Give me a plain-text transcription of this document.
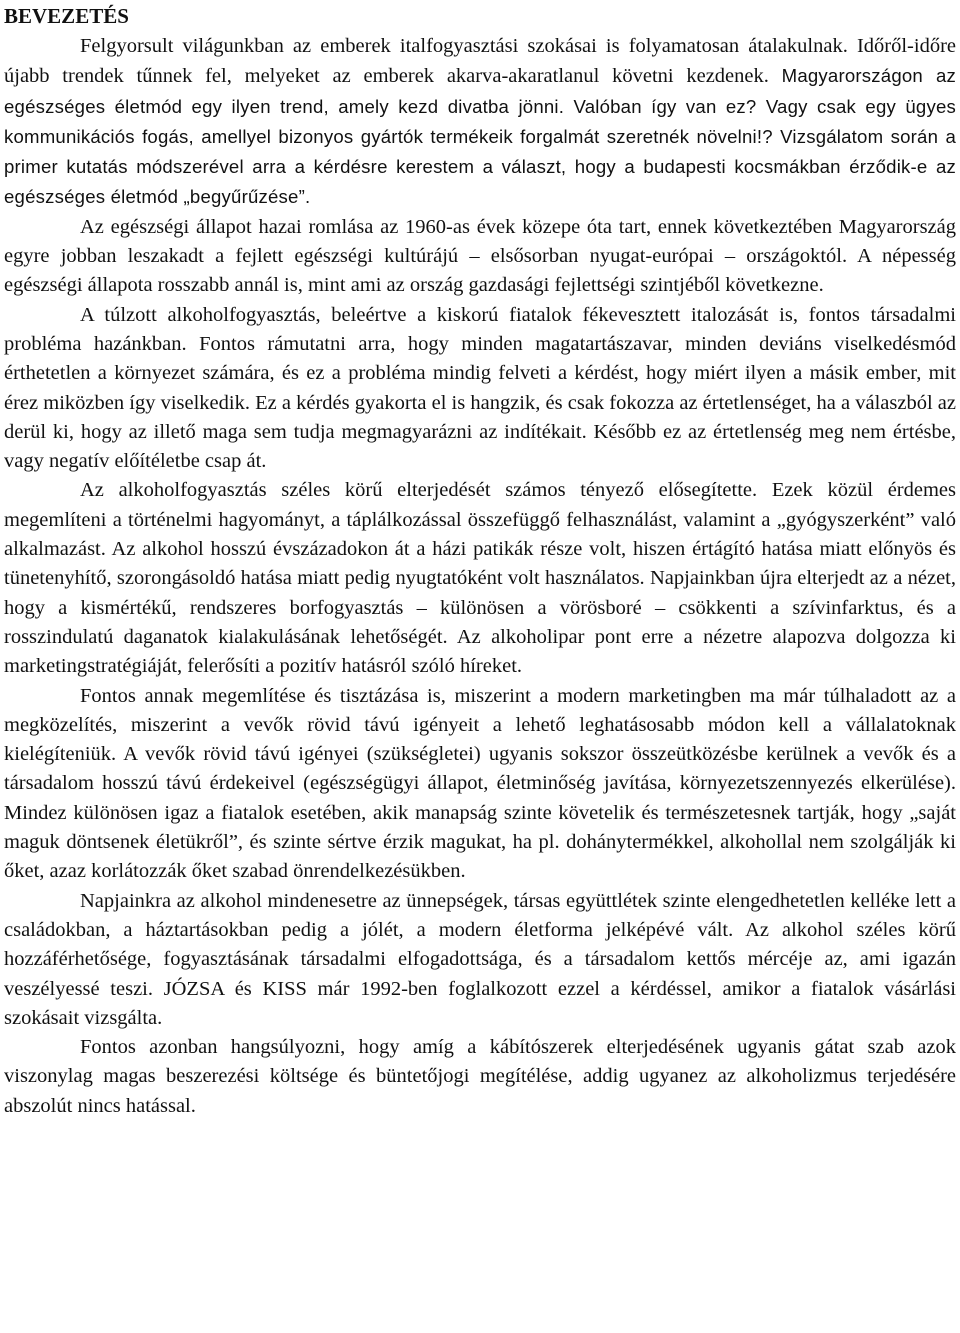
BEVEZETÉS

Felgyorsult világunkban az emberek italfogyasztási szokásai is folyamatosan átalakulnak. Időről-időre újabb trendek tűnnek fel, melyeket az emberek akarva-akaratlanul követni kezdenek. Magyarországon az egészséges életmód egy ilyen trend, amely kezd divatba jönni. Valóban így van ez? Vagy csak egy ügyes kommunikációs fogás, amellyel bizonyos gyártók termékeik forgalmát szeretnék növelni!? Vizsgálatom során a primer kutatás módszerével arra a kérdésre kerestem a választ, hogy a budapesti kocsmákban érződik-e az egészséges életmód „begyűrűzése”.

Az egészségi állapot hazai romlása az 1960-as évek közepe óta tart, ennek következtében Magyarország egyre jobban leszakadt a fejlett egészségi kultúrájú – elsősorban nyugat-európai – országoktól. A népesség egészségi állapota rosszabb annál is, mint ami az ország gazdasági fejlettségi szintjéből következne.

A túlzott alkoholfogyasztás, beleértve a kiskorú fiatalok fékevesztett italozását is, fontos társadalmi probléma hazánkban. Fontos rámutatni arra, hogy minden magatartászavar, minden deviáns viselkedésmód érthetetlen a környezet számára, és ez a probléma mindig felveti a kérdést, hogy miért ilyen a másik ember, mit érez miközben így viselkedik. Ez a kérdés gyakorta el is hangzik, és csak fokozza az értetlenséget, ha a válaszból az derül ki, hogy az illető maga sem tudja megmagyarázni az indítékait. Később ez az értetlenség meg nem értésbe, vagy negatív előítéletbe csap át.

Az alkoholfogyasztás széles körű elterjedését számos tényező elősegítette. Ezek közül érdemes megemlíteni a történelmi hagyományt, a táplálkozással összefüggő felhasználást, valamint a „gyógyszerként” való alkalmazást. Az alkohol hosszú évszázadokon át a házi patikák része volt, hiszen értágító hatása miatt előnyös és tünetenyhítő, szorongásoldó hatása miatt pedig nyugtatóként volt használatos. Napjainkban újra elterjedt az a nézet, hogy a kismértékű, rendszeres borfogyasztás – különösen a vörösboré – csökkenti a szívinfarktus, és a rosszindulatú daganatok kialakulásának lehetőségét. Az alkoholipar pont erre a nézetre alapozva dolgozza ki marketingstratégiáját, felerősíti a pozitív hatásról szóló híreket.

Fontos annak megemlítése és tisztázása is, miszerint a modern marketingben ma már túlhaladott az a megközelítés, miszerint a vevők rövid távú igényeit a lehető leghatásosabb módon kell a vállalatoknak kielégíteniük. A vevők rövid távú igényei (szükségletei) ugyanis sokszor összeütközésbe kerülnek a vevők és a társadalom hosszú távú érdekeivel (egészségügyi állapot, életminőség javítása, környezetszennyezés elkerülése). Mindez különösen igaz a fiatalok esetében, akik manapság szinte követelik és természetesnek tartják, hogy „saját maguk döntsenek életükről”, és szinte sértve érzik magukat, ha pl. dohánytermékkel, alkohollal nem szolgálják ki őket, azaz korlátozzák őket szabad önrendelkezésükben.

Napjainkra az alkohol mindenesetre az ünnepségek, társas együttlétek szinte elengedhetetlen kelléke lett a családokban, a háztartásokban pedig a jólét, a modern életforma jelképévé vált. Az alkohol széles körű hozzáférhetősége, fogyasztásának társadalmi elfogadottsága, és a társadalom kettős mércéje az, ami igazán veszélyessé teszi. JÓZSA és KISS már 1992-ben foglalkozott ezzel a kérdéssel, amikor a fiatalok vásárlási szokásait vizsgálta.

Fontos azonban hangsúlyozni, hogy amíg a kábítószerek elterjedésének ugyanis gátat szab azok viszonylag magas beszerezési költsége és büntetőjogi megítélése, addig ugyanez az alkoholizmus terjedésére abszolút nincs hatással.
